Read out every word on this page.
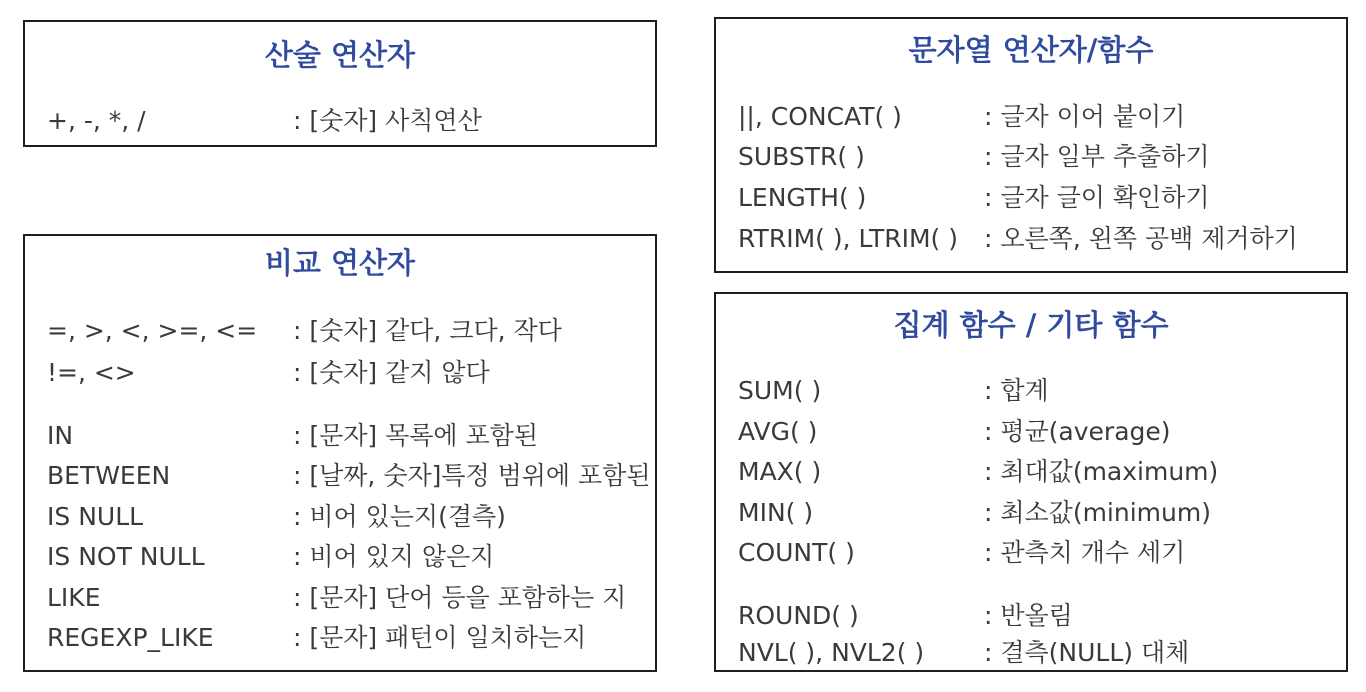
산술 연산자
+, -, *, /	: [숫자] 사칙연산
비교 연산자
=, >, <, >=, <= : [숫자] 같다, 크다, 작다
!=, <>	: [숫자] 같지 않다
IN	: [문자] 목록에 포함된
BETWEEN	: [날짜, 숫자]특정 범위에 포함된
IS NULL	: 비어 있는지(결측)
IS NOT NULL	: 비어 있지 않은지
LIKE	: [문자] 단어 등을 포함하는 지
REGEXP_LIKE	: [문자] 패턴이 일치하는지
문자열 연산자/함수
||, CONCAT( )	: 글자 이어 붙이기
SUBSTR( )	: 글자 일부 추출하기
LENGTH( )	: 글자 글이 확인하기
RTRIM( ), LTRIM( ) : 오른쪽, 왼쪽 공백 제거하기
집계 함수 / 기타 함수
SUM( )	: 합계
AVG( )	: 평균(average)
MAX( )	: 최대값(maximum)
MIN( )	: 최소값(minimum)
COUNT( )	: 관측치 개수 세기
ROUND( )	: 반올림
NVL( ), NVL2( ) : 결측(NULL) 대체
